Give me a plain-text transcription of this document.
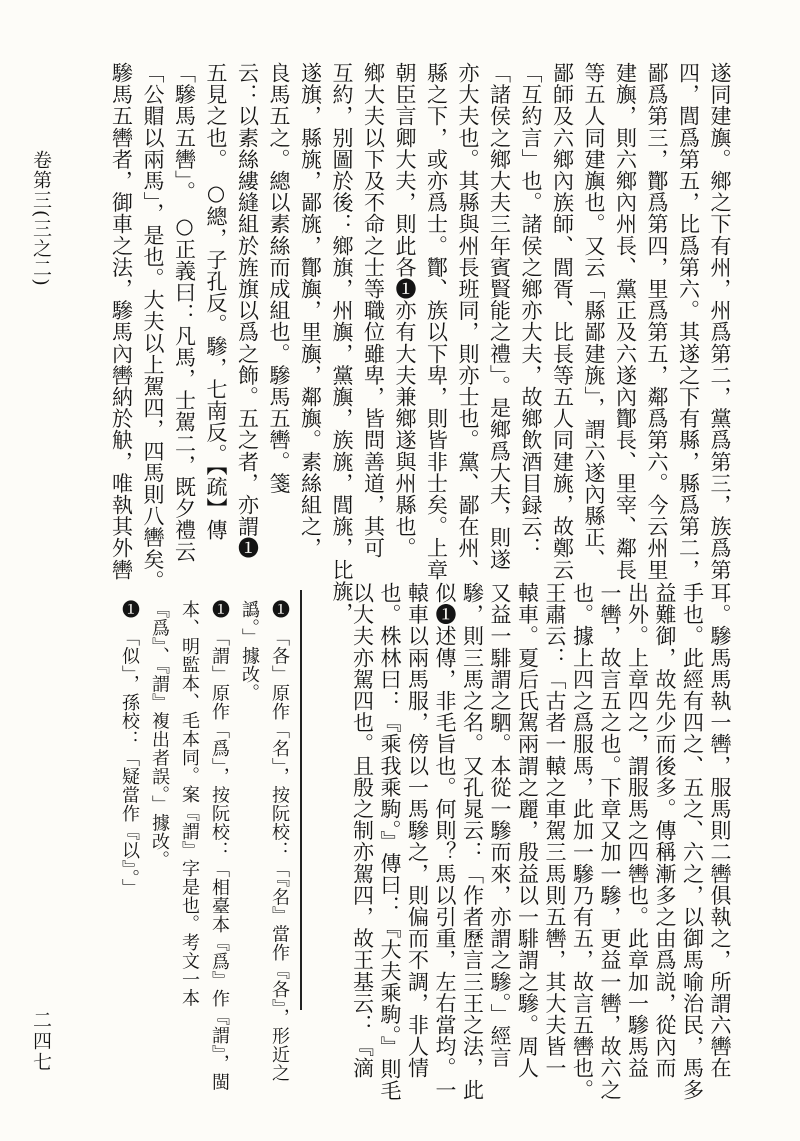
卷第三(三之二)
二四七
遂同建旟。鄉之下有州，州爲第二，黨爲第三，族爲第
四，閭爲第五，比爲第六。其遂之下有縣，縣爲第二，
鄙爲第三，酇爲第四，里爲第五，鄰爲第六。今云州里
建旟，則六鄉內州長、黨正及六遂內酇長、里宰、鄰長
等五人同建旟也。又云「縣鄙建旐」，謂六遂內縣正、
鄙師及六鄉內族師、閭胥、比長等五人同建旐，故鄭云
「互約言」也。諸侯之鄉亦大夫，故鄉飲酒目録云：
「諸侯之鄉大夫三年賓賢能之禮」。是鄉爲大夫，則遂
亦大夫也。其縣與州長班同，則亦士也。黨、鄙在州、
縣之下，或亦爲士。酇、族以下卑，則皆非士矣。上章
朝臣言卿大夫，則此各❶亦有大夫兼鄉遂與州縣也。
鄉大夫以下及不命之士等職位雖卑，皆問善道，其可
互約，别圖於後：鄉旗，州旟，黨旟，族旐，閭旐，比旐，
遂旗，縣旐，鄙旐，酇旟，里旟，鄰旟。素絲組之，
良馬五之。總以素絲而成組也。驂馬五轡。箋
云：以素絲縷縫組於旌旗以爲之飾。五之者，亦謂❶
五見之也。　○總，子孔反。驂，七南反。【疏】傳
「驂馬五轡」。　○正義曰：凡馬，士駕二，既夕禮云
「公賵以兩馬」，是也。大夫以上駕四，四馬則八轡矣。
驂馬五轡者，御車之法，驂馬內轡納於觖，唯執其外轡
耳。驂馬馬執一轡，服馬則二轡俱執之，所謂六轡在
手也。此經有四之、五之、六之，以御馬喻治民，馬多
益難御，故先少而後多。傳稱漸多之由爲説，從內而
出外。上章四之，謂服馬之四轡也。此章加一驂馬益
一轡，故言五之也。下章又加一驂，更益一轡，故六之
也。據上四之爲服馬，此加一驂乃有五，故言五轡也。
王肅云：「古者一轅之車駕三馬則五轡，其大夫皆一
轅車。夏后氏駕兩謂之麗，殷益以一騑謂之驂。周人
又益一騑謂之駟。本從一驂而來，亦謂之驂。」經言
驂，則三馬之名。又孔晁云：「作者歷言三王之法，此
似❶述傳，非毛旨也。何則？馬以引重，左右當均。一
轅車以兩馬服，傍以一馬驂之，則偏而不調，非人情
也。株林曰：『乘我乘駒。』傳曰：『大夫乘駒。』則毛
以大夫亦駕四也。且殷之制亦駕四，故王基云：『滴
❶　「各」原作「名」，按阮校：「『名』當作『各』，形近之
譌。」據改。
❶　「謂」原作「爲」，按阮校：「相臺本『爲』作『謂』，閩
本、明監本、毛本同。案『謂』字是也。考文一本
『爲』、『謂』複出者誤。」據改。
❶　「似」，孫校：「疑當作『以』。」
